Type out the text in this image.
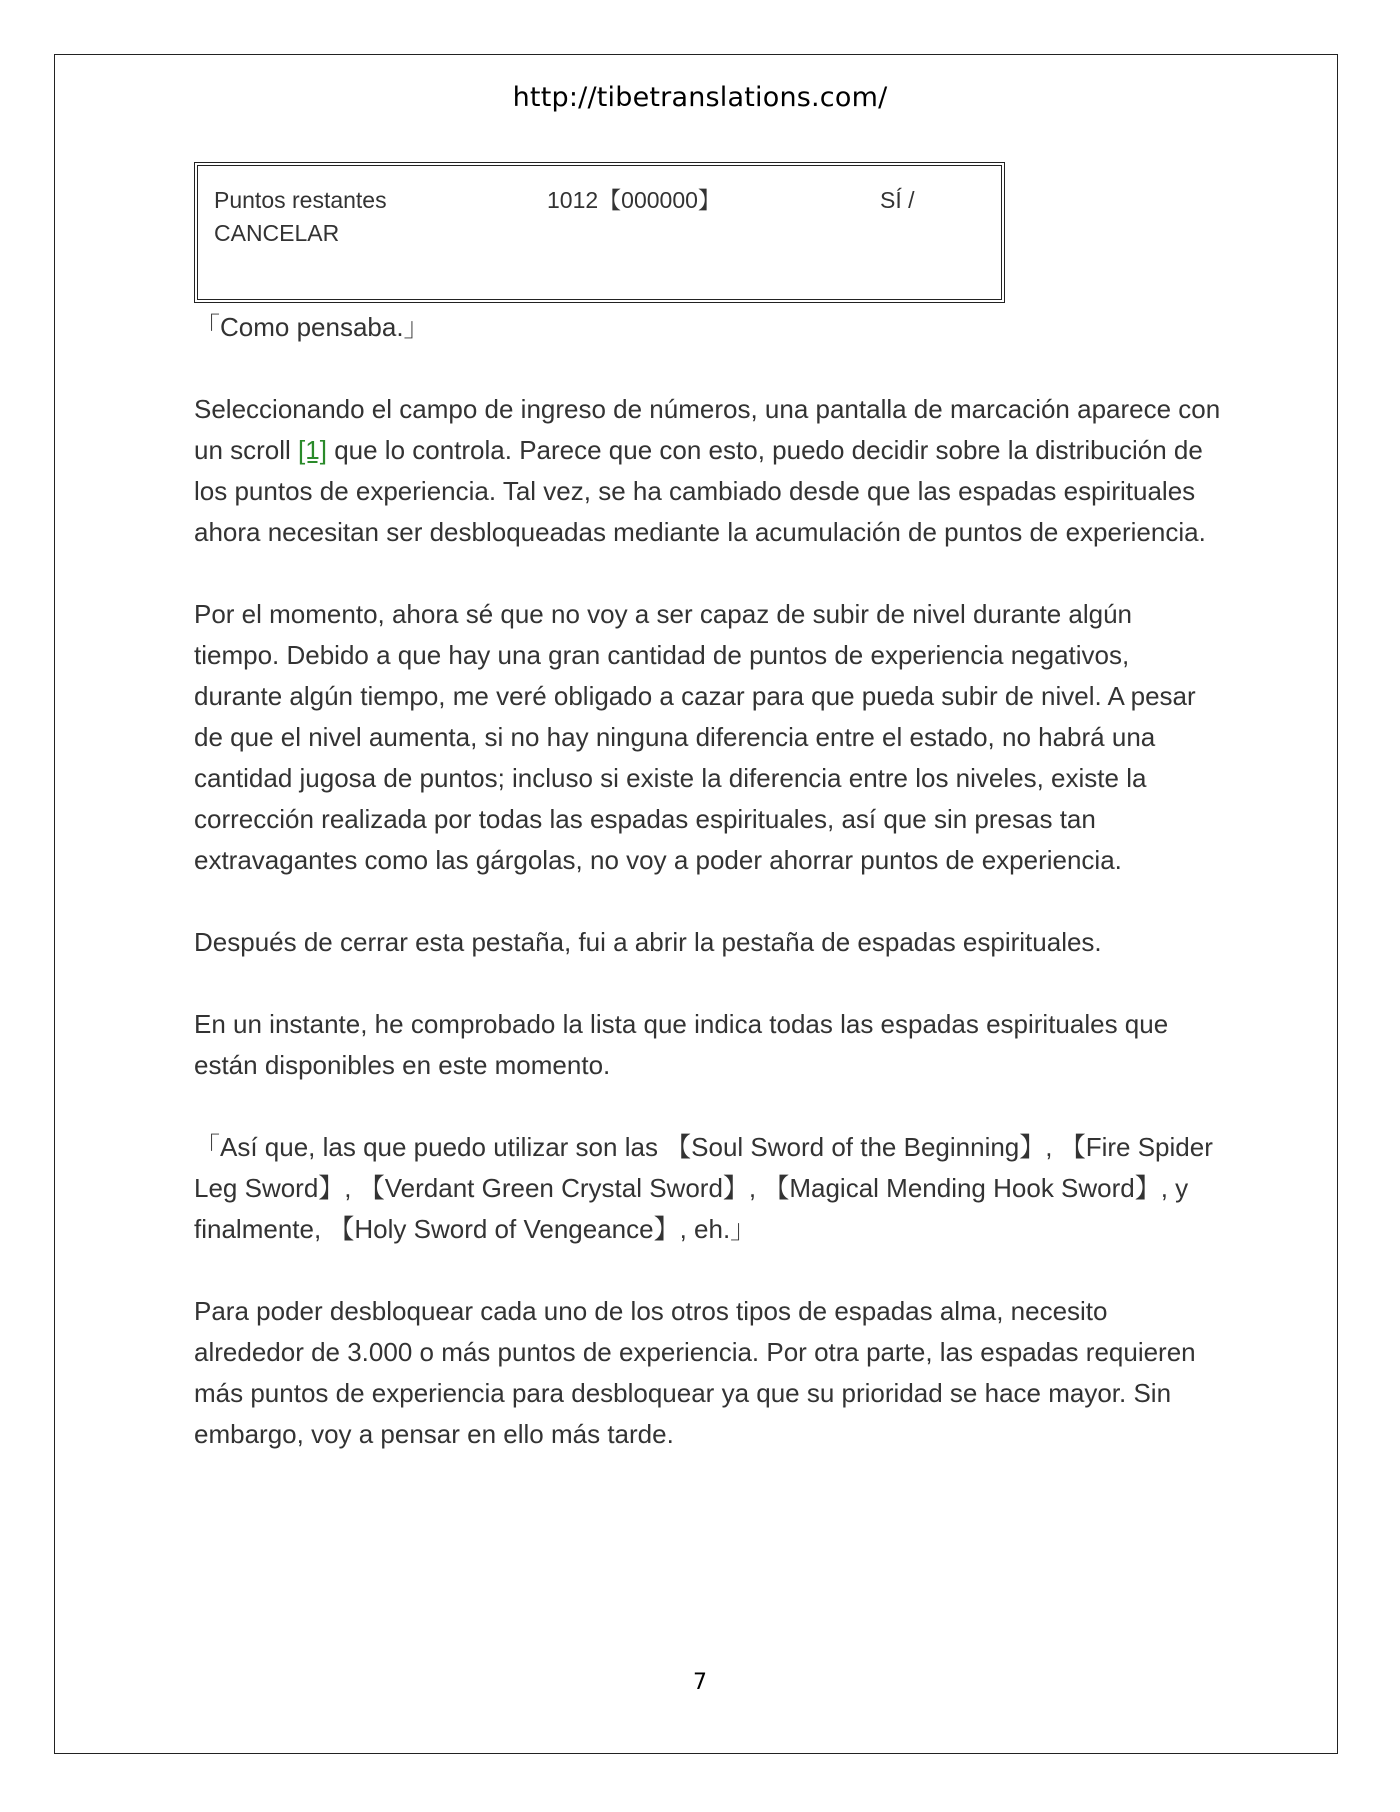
http://tibetranslations.com/
Puntos restantes	1012【000000】	SÍ /
CANCELAR

「Como pensaba.」

Seleccionando el campo de ingreso de números, una pantalla de marcación aparece con un scroll [1] que lo controla. Parece que con esto, puedo decidir sobre la distribución de los puntos de experiencia. Tal vez, se ha cambiado desde que las espadas espirituales ahora necesitan ser desbloqueadas mediante la acumulación de puntos de experiencia.

Por el momento, ahora sé que no voy a ser capaz de subir de nivel durante algún tiempo. Debido a que hay una gran cantidad de puntos de experiencia negativos, durante algún tiempo, me veré obligado a cazar para que pueda subir de nivel. A pesar de que el nivel aumenta, si no hay ninguna diferencia entre el estado, no habrá una cantidad jugosa de puntos; incluso si existe la diferencia entre los niveles, existe la corrección realizada por todas las espadas espirituales, así que sin presas tan extravagantes como las gárgolas, no voy a poder ahorrar puntos de experiencia.

Después de cerrar esta pestaña, fui a abrir la pestaña de espadas espirituales.

En un instante, he comprobado la lista que indica todas las espadas espirituales que están disponibles en este momento.

「Así que, las que puedo utilizar son las 【Soul Sword of the Beginning】, 【Fire Spider Leg Sword】, 【Verdant Green Crystal Sword】, 【Magical Mending Hook Sword】, y finalmente, 【Holy Sword of Vengeance】, eh.」

Para poder desbloquear cada uno de los otros tipos de espadas alma, necesito alrededor de 3.000 o más puntos de experiencia. Por otra parte, las espadas requieren más puntos de experiencia para desbloquear ya que su prioridad se hace mayor. Sin embargo, voy a pensar en ello más tarde.

7
